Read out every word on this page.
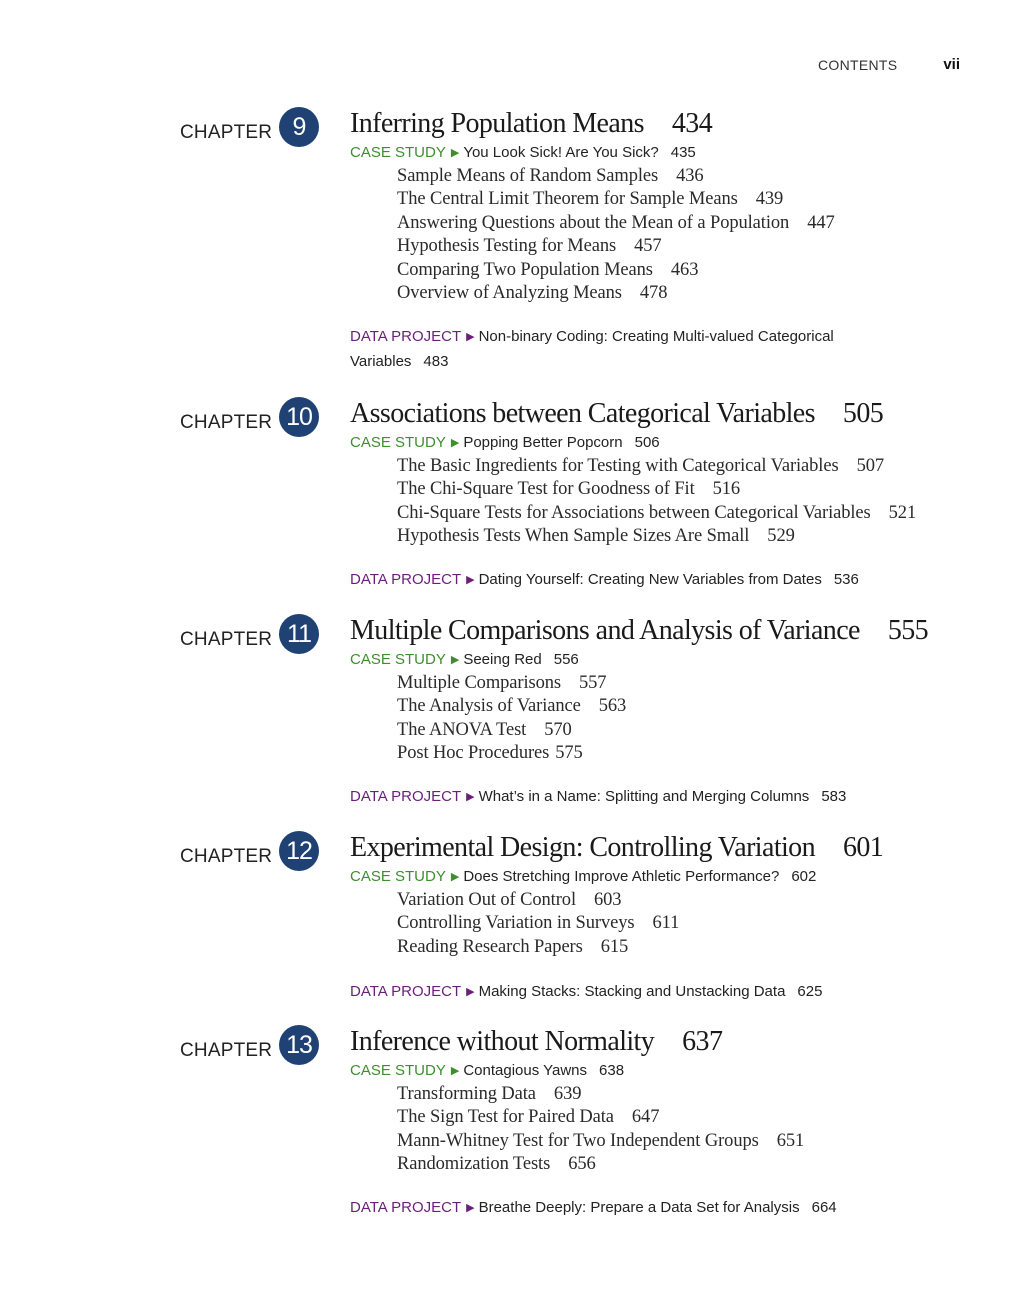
CONTENTS	vii
CHAPTER 9	Inferring Population Means 434
CASE STUDY ▶ You Look Sick! Are You Sick? 435
Sample Means of Random Samples 436
The Central Limit Theorem for Sample Means 439
Answering Questions about the Mean of a Population 447
Hypothesis Testing for Means 457
Comparing Two Population Means 463
Overview of Analyzing Means 478
DATA PROJECT ▶ Non-binary Coding: Creating Multi-valued Categorical Variables 483
CHAPTER 10 Associations between Categorical Variables 505
CASE STUDY ▶ Popping Better Popcorn 506
The Basic Ingredients for Testing with Categorical Variables 507
The Chi-Square Test for Goodness of Fit 516
Chi-Square Tests for Associations between Categorical Variables 521
Hypothesis Tests When Sample Sizes Are Small 529
DATA PROJECT ▶ Dating Yourself: Creating New Variables from Dates 536
CHAPTER 11 Multiple Comparisons and Analysis of Variance 555
CASE STUDY ▶ Seeing Red 556
Multiple Comparisons 557
The Analysis of Variance 563
The ANOVA Test 570
Post Hoc Procedures 575
DATA PROJECT ▶ What’s in a Name: Splitting and Merging Columns 583
CHAPTER 12 Experimental Design: Controlling Variation 601
CASE STUDY ▶ Does Stretching Improve Athletic Performance? 602
Variation Out of Control 603
Controlling Variation in Surveys 611
Reading Research Papers 615
DATA PROJECT ▶ Making Stacks: Stacking and Unstacking Data 625
CHAPTER 13 Inference without Normality 637
CASE STUDY ▶ Contagious Yawns 638
Transforming Data 639
The Sign Test for Paired Data 647
Mann-Whitney Test for Two Independent Groups 651
Randomization Tests 656
DATA PROJECT ▶ Breathe Deeply: Prepare a Data Set for Analysis 664
